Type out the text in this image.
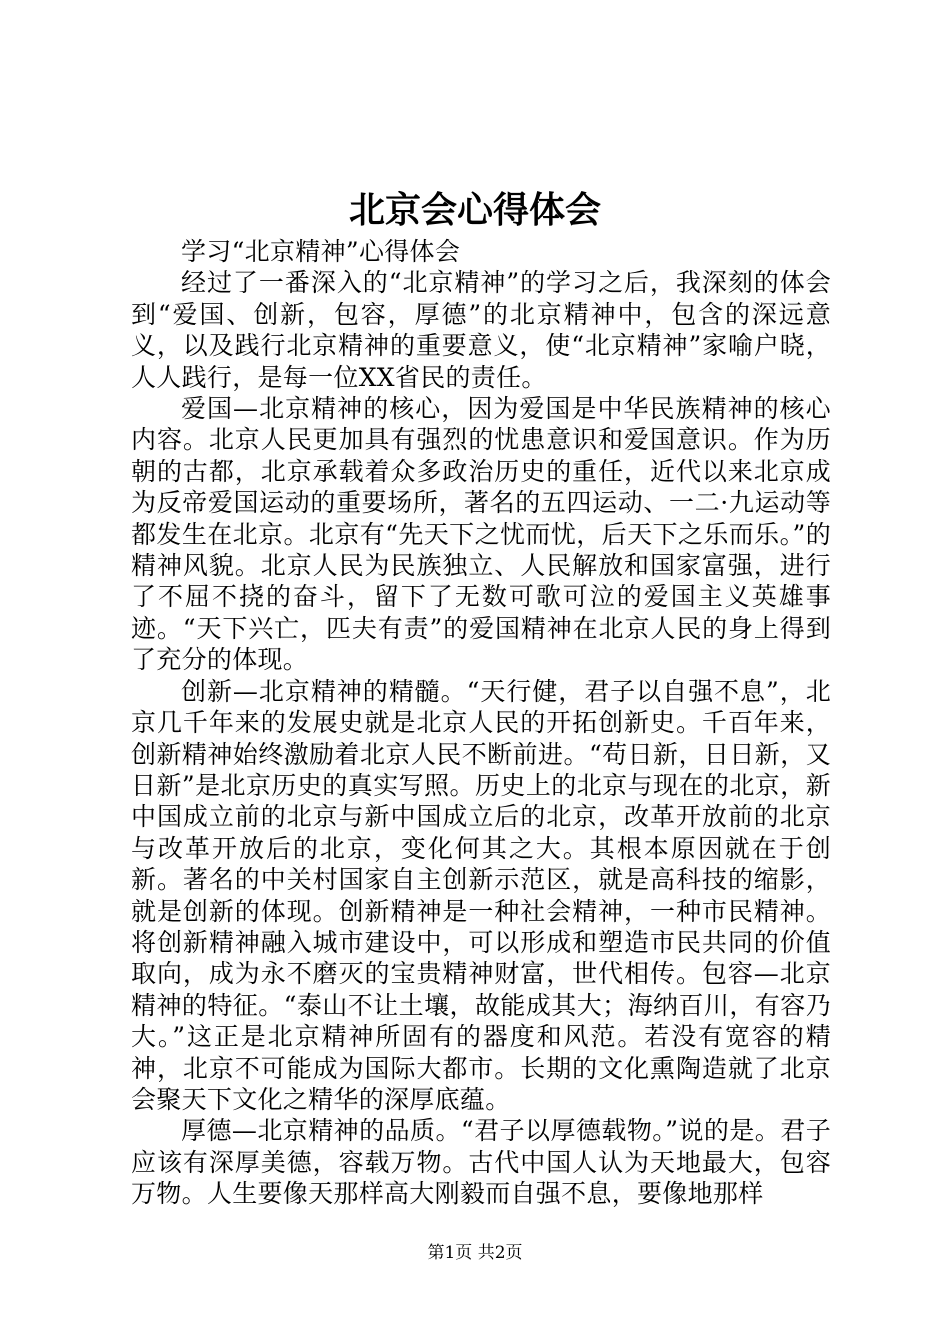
北京会心得体会

学习“北京精神”心得体会

经过了一番深入的“北京精神”的学习之后，我深刻的体会到“爱国、创新，包容，厚德”的北京精神中，包含的深远意义，以及践行北京精神的重要意义，使“北京精神”家喻户晓，人人践行，是每一位XX省民的责任。

爱国—北京精神的核心，因为爱国是中华民族精神的核心内容。北京人民更加具有强烈的忧患意识和爱国意识。作为历朝的古都，北京承载着众多政治历史的重任，近代以来北京成为反帝爱国运动的重要场所，著名的五四运动、一二·九运动等都发生在北京。北京有“先天下之忧而忧，后天下之乐而乐。”的精神风貌。北京人民为民族独立、人民解放和国家富强，进行了不屈不挠的奋斗，留下了无数可歌可泣的爱国主义英雄事迹。“天下兴亡，匹夫有责”的爱国精神在北京人民的身上得到了充分的体现。

创新—北京精神的精髓。“天行健，君子以自强不息”，北京几千年来的发展史就是北京人民的开拓创新史。千百年来，创新精神始终激励着北京人民不断前进。“苟日新，日日新，又日新”是北京历史的真实写照。历史上的北京与现在的北京，新中国成立前的北京与新中国成立后的北京，改革开放前的北京与改革开放后的北京，变化何其之大。其根本原因就在于创新。著名的中关村国家自主创新示范区，就是高科技的缩影，就是创新的体现。创新精神是一种社会精神，一种市民精神。将创新精神融入城市建设中，可以形成和塑造市民共同的价值取向，成为永不磨灭的宝贵精神财富，世代相传。包容—北京精神的特征。“泰山不让土壤，故能成其大；海纳百川，有容乃大。”这正是北京精神所固有的器度和风范。若没有宽容的精神，北京不可能成为国际大都市。长期的文化熏陶造就了北京会聚天下文化之精华的深厚底蕴。

厚德—北京精神的品质。“君子以厚德载物。”说的是。君子应该有深厚美德，容载万物。古代中国人认为天地最大，包容万物。人生要像天那样高大刚毅而自强不息，要像地那样

第1页 共2页
